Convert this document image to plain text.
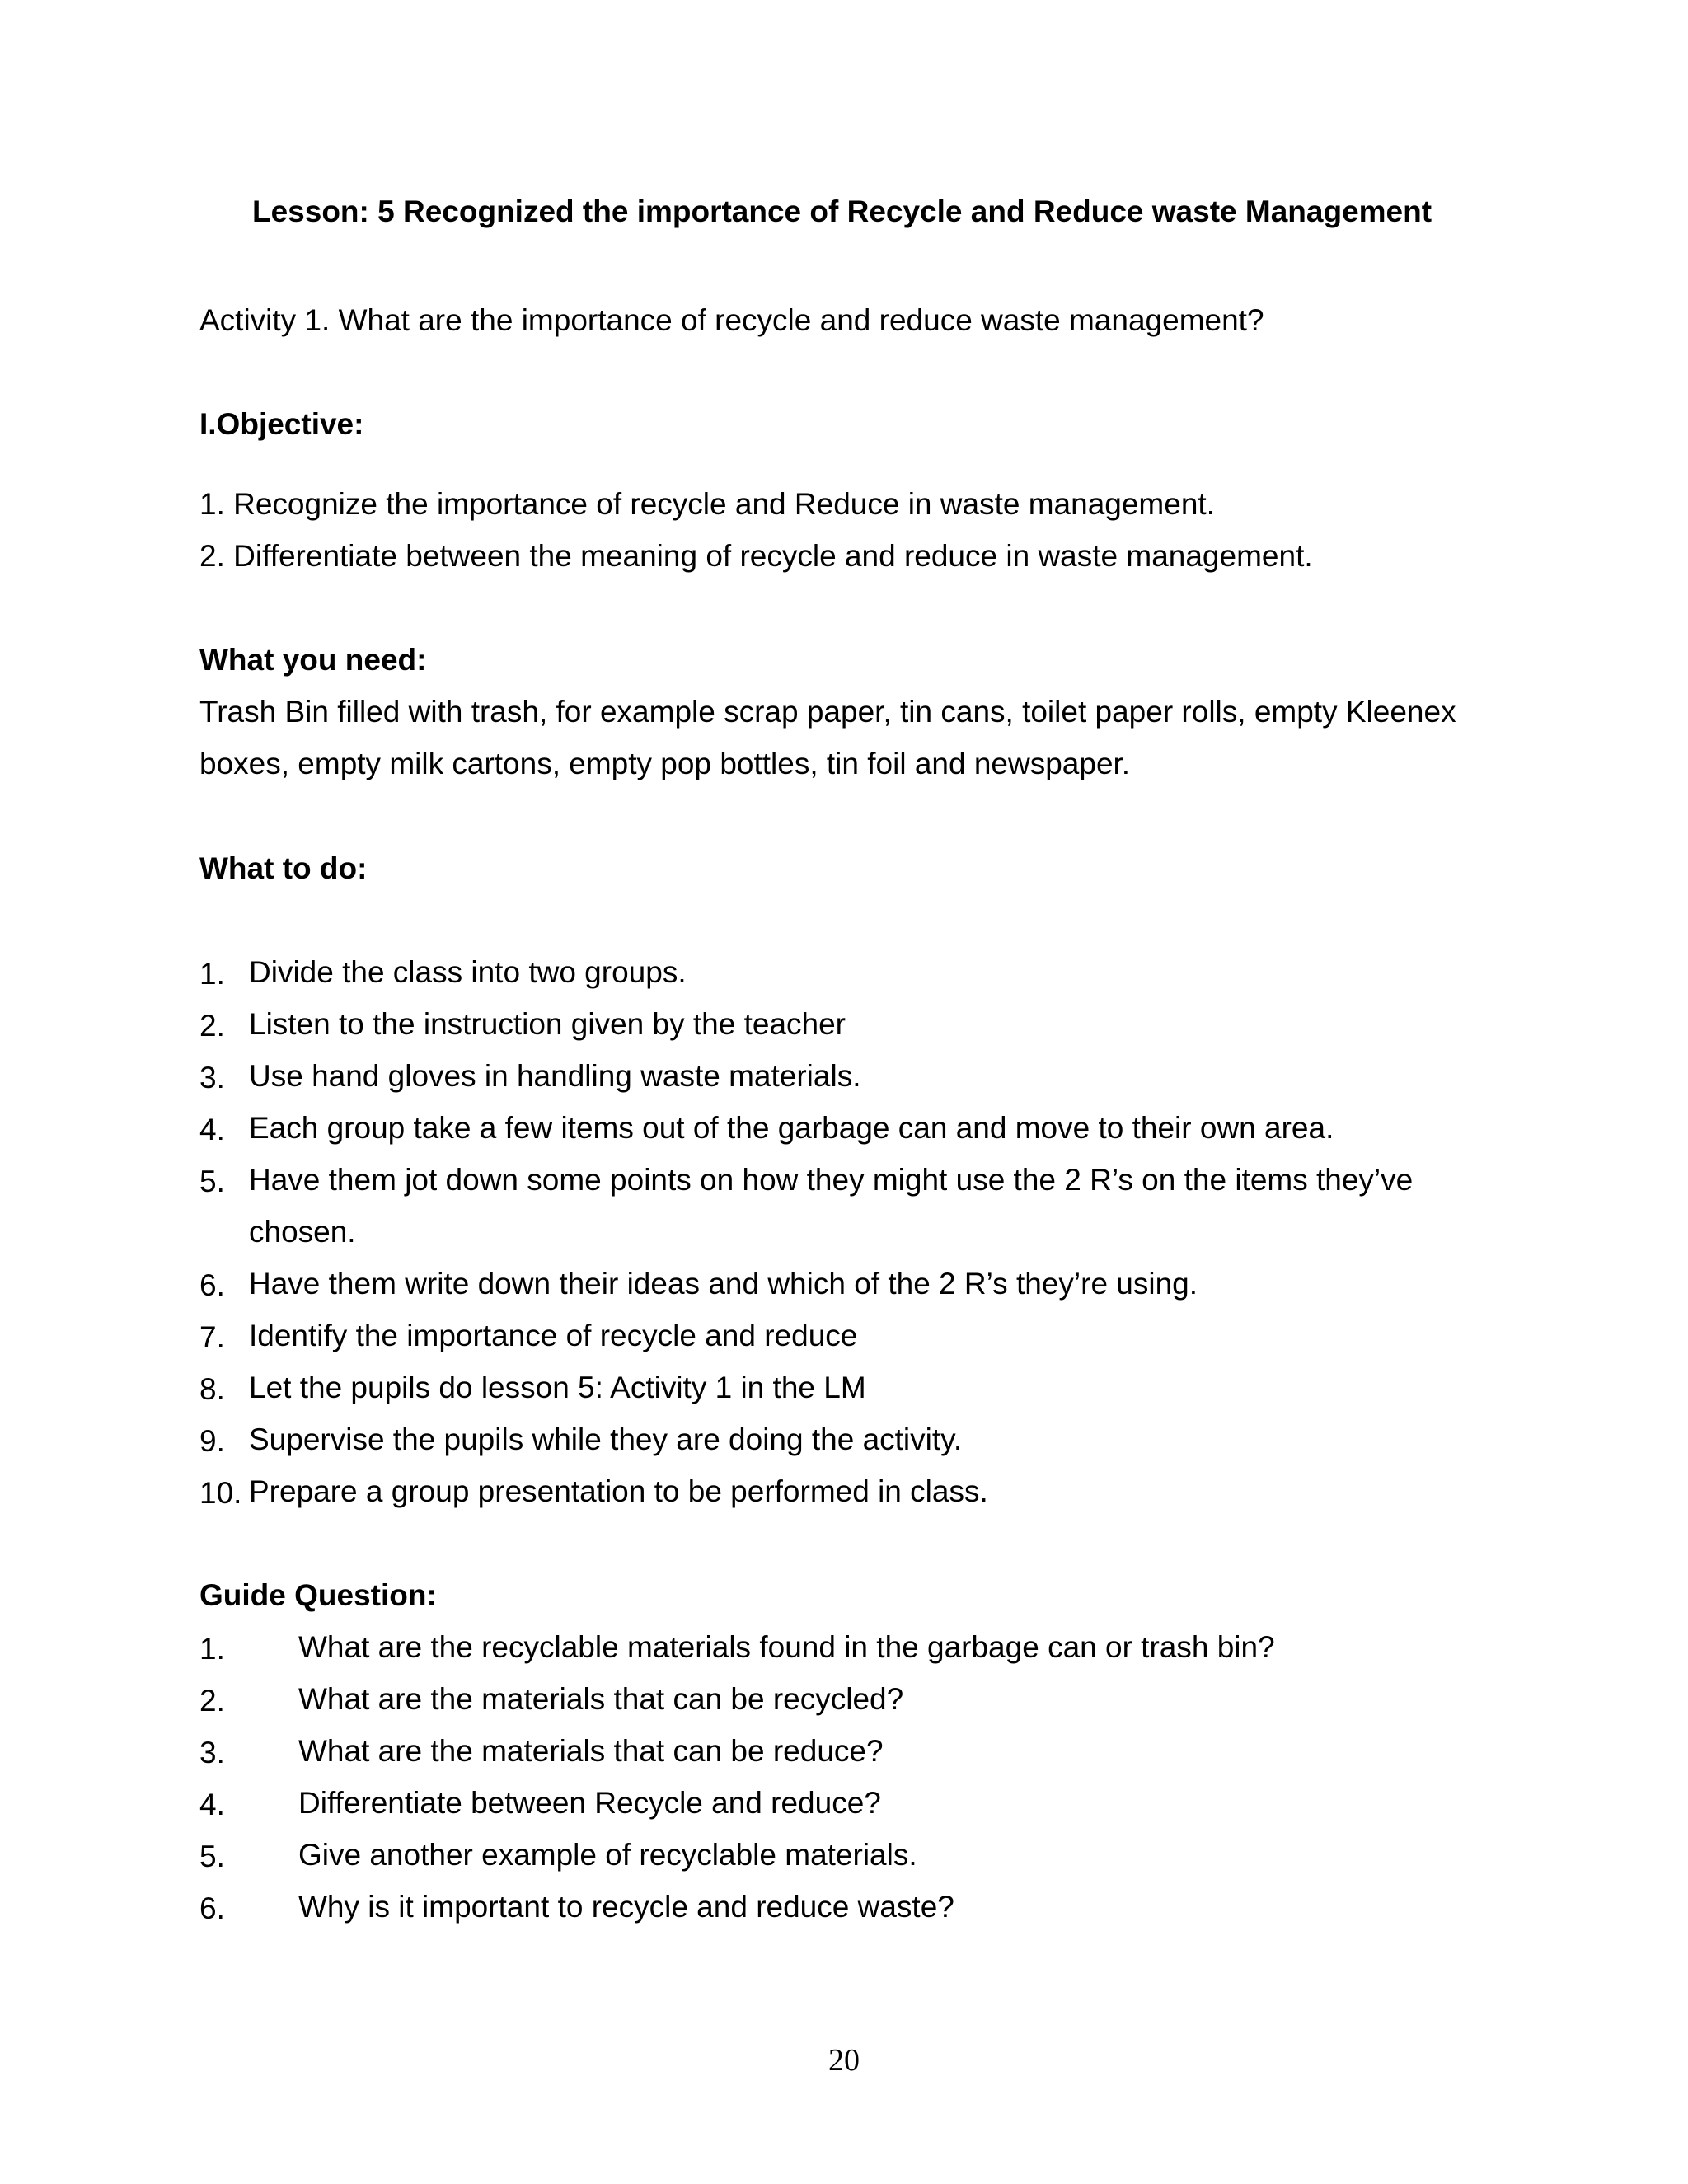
Lesson: 5 Recognized the importance of Recycle and Reduce waste Management
Activity 1. What are the importance of recycle and reduce waste management?
I.Objective:
1. Recognize the importance of recycle and Reduce in waste management.
2. Differentiate between the meaning of recycle and reduce in waste management.
What you need:
Trash Bin filled with trash, for example scrap paper, tin cans, toilet paper rolls, empty Kleenex
boxes, empty milk cartons, empty pop bottles, tin foil and newspaper.
What to do:
1. Divide the class into two groups.
2. Listen to the instruction given by the teacher
3. Use hand gloves in handling waste materials.
4. Each group take a few items out of the garbage can and move to their own area.
5. Have them jot down some points on how they might use the 2 R’s on the items they’ve
chosen.
6. Have them write down their ideas and which of the 2 R’s they’re using.
7. Identify the importance of recycle and reduce
8. Let the pupils do lesson 5: Activity 1 in the LM
9. Supervise the pupils while they are doing the activity.
10. Prepare a group presentation to be performed in class.
Guide Question:
1. What are the recyclable materials found in the garbage can or trash bin?
2. What are the materials that can be recycled?
3. What are the materials that can be reduce?
4. Differentiate between Recycle and reduce?
5. Give another example of recyclable materials.
6. Why is it important to recycle and reduce waste?
20
